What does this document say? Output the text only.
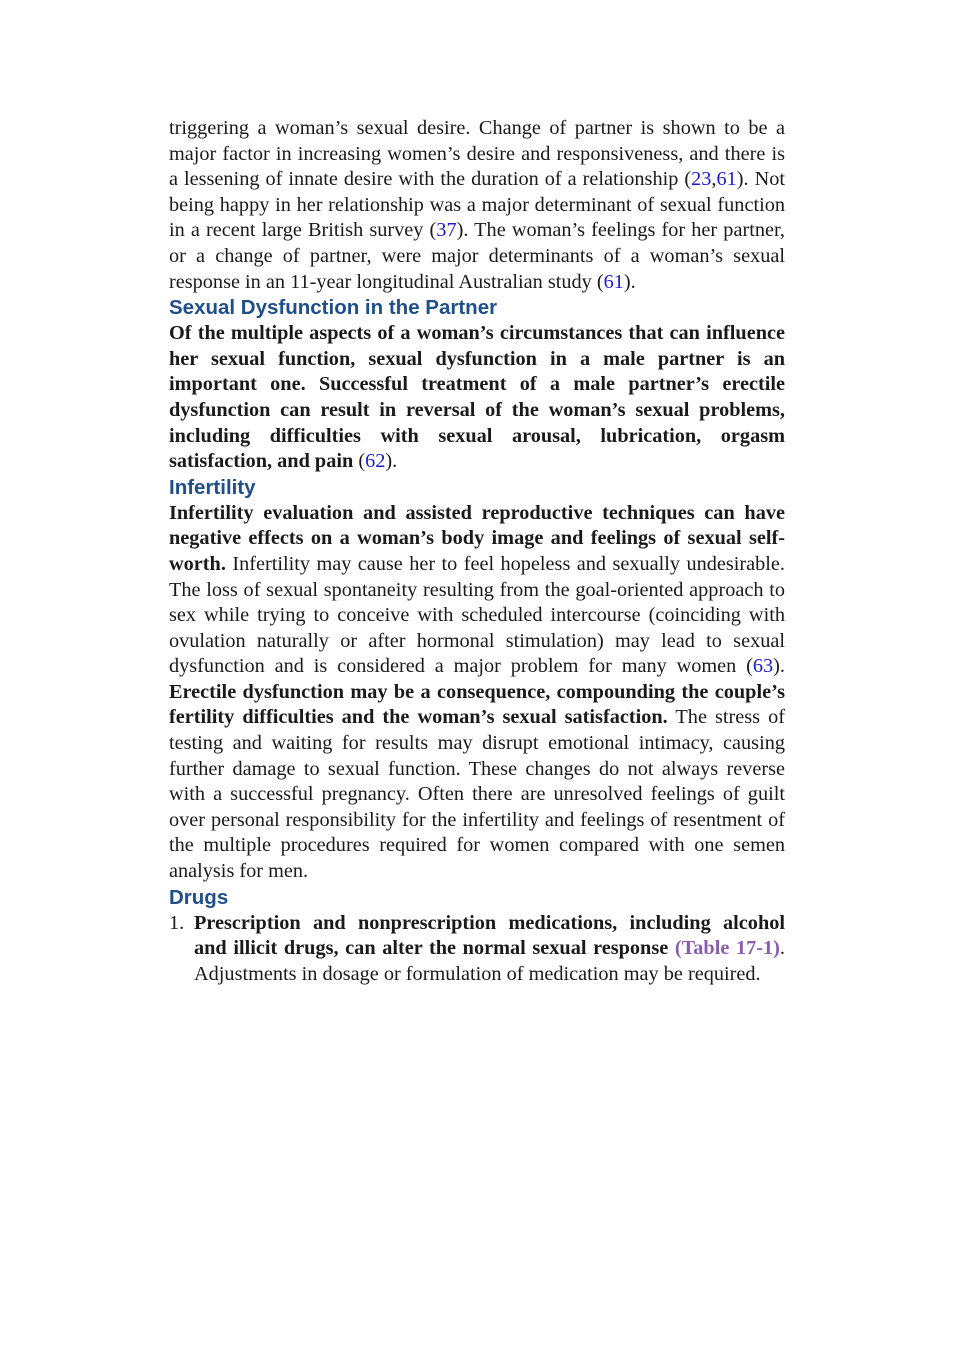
triggering a woman’s sexual desire. Change of partner is shown to be a major factor in increasing women’s desire and responsiveness, and there is a lessening of innate desire with the duration of a relationship (23,61). Not being happy in her relationship was a major determinant of sexual function in a recent large British survey (37). The woman’s feelings for her partner, or a change of partner, were major determinants of a woman’s sexual response in an 11-year longitudinal Australian study (61).

Sexual Dysfunction in the Partner

Of the multiple aspects of a woman’s circumstances that can influence her sexual function, sexual dysfunction in a male partner is an important one. Successful treatment of a male partner’s erectile dysfunction can result in reversal of the woman’s sexual problems, including difficulties with sexual arousal, lubrication, orgasm satisfaction, and pain (62).

Infertility

Infertility evaluation and assisted reproductive techniques can have negative effects on a woman’s body image and feelings of sexual self-worth. Infertility may cause her to feel hopeless and sexually undesirable. The loss of sexual spontaneity resulting from the goal-oriented approach to sex while trying to conceive with scheduled intercourse (coinciding with ovulation naturally or after hormonal stimulation) may lead to sexual dysfunction and is considered a major problem for many women (63). Erectile dysfunction may be a consequence, compounding the couple’s fertility difficulties and the woman’s sexual satisfaction. The stress of testing and waiting for results may disrupt emotional intimacy, causing further damage to sexual function. These changes do not always reverse with a successful pregnancy. Often there are unresolved feelings of guilt over personal responsibility for the infertility and feelings of resentment of the multiple procedures required for women compared with one semen analysis for men.

Drugs
1. Prescription and nonprescription medications, including alcohol and illicit drugs, can alter the normal sexual response (Table 17-1). Adjustments in dosage or formulation of medication may be required.
